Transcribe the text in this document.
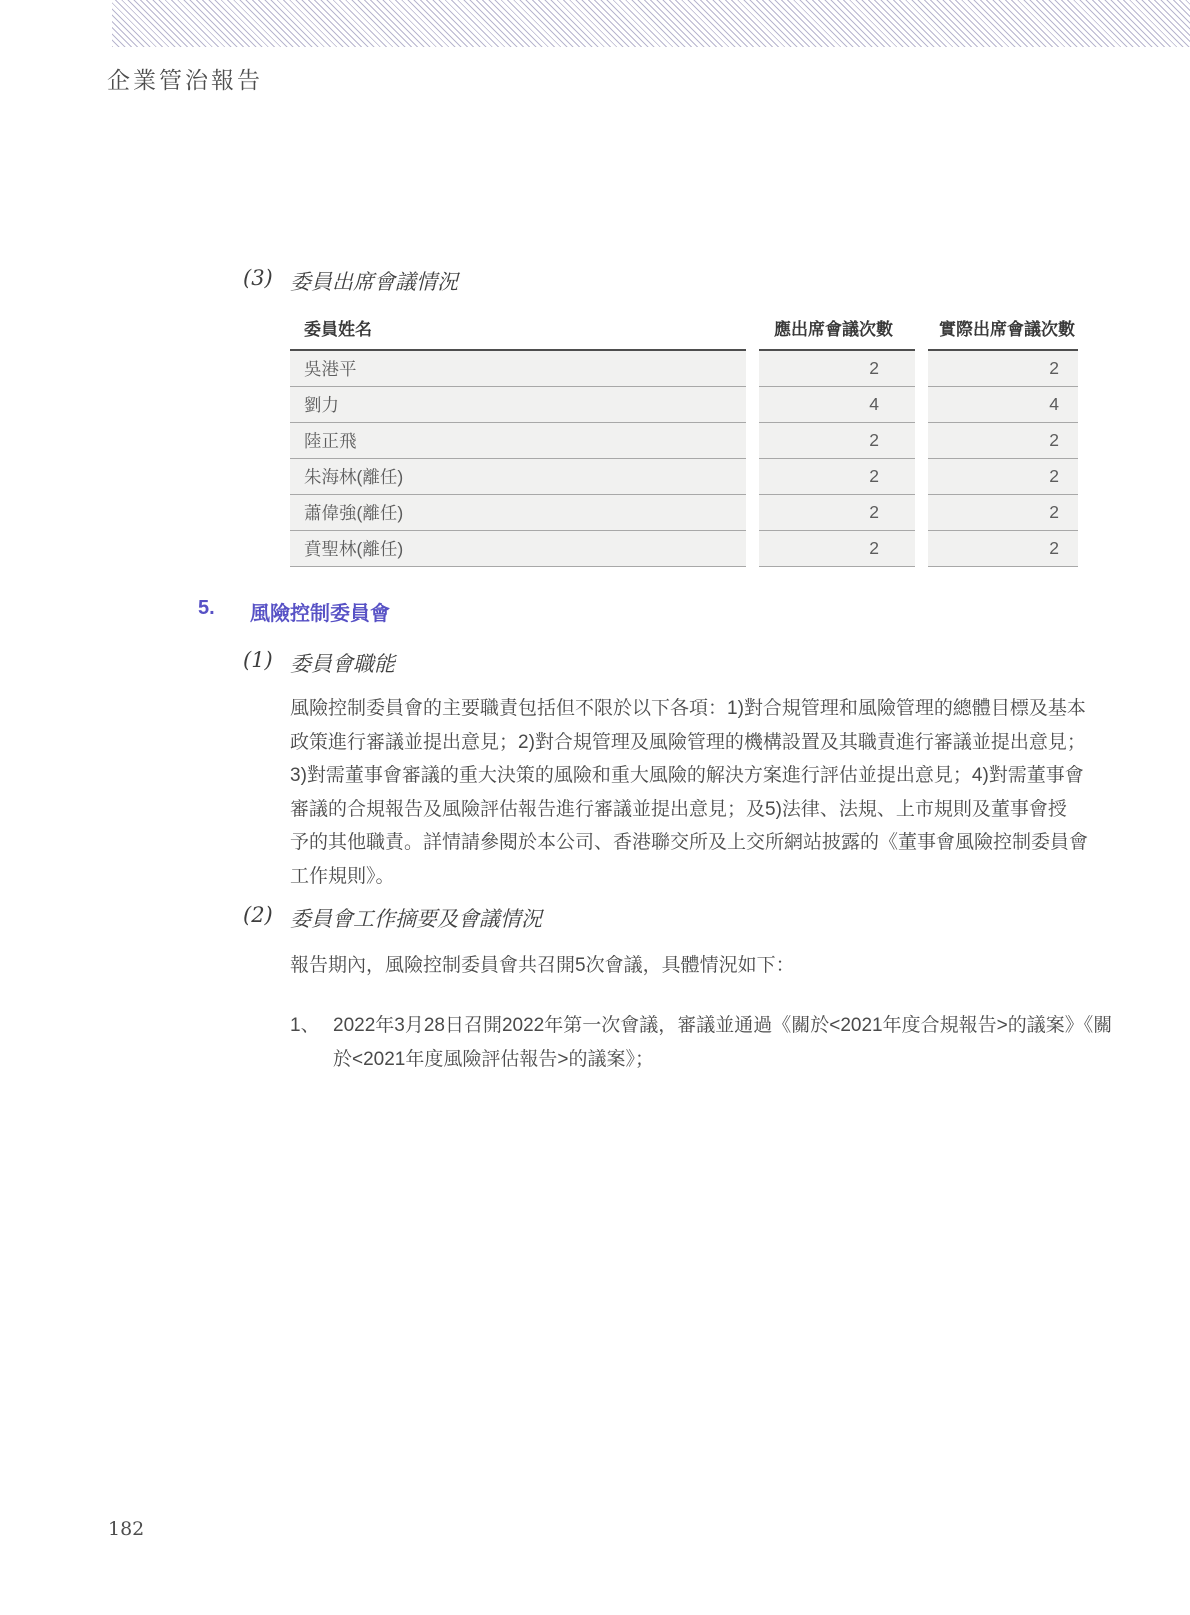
企業管治報告
(3) 委員出席會議情況
委員姓名	應出席會議次數	實際出席會議次數
吳港平	2	2
劉力	4	4
陸正飛	2	2
朱海林(離任)	2	2
蕭偉強(離任)	2	2
賁聖林(離任)	2	2
5.	風險控制委員會
(1) 委員會職能
風險控制委員會的主要職責包括但不限於以下各項：1)對合規管理和風險管理的總體目標及基本
政策進行審議並提出意見；2)對合規管理及風險管理的機構設置及其職責進行審議並提出意見；
3)對需董事會審議的重大決策的風險和重大風險的解決方案進行評估並提出意見；4)對需董事會
審議的合規報告及風險評估報告進行審議並提出意見；及5)法律、法規、上市規則及董事會授
予的其他職責。詳情請參閱於本公司、香港聯交所及上交所網站披露的《董事會風險控制委員會
工作規則》。
(2) 委員會工作摘要及會議情況
報告期內，風險控制委員會共召開5次會議，具體情況如下：
1、 2022年3月28日召開2022年第一次會議，審議並通過《關於<2021年度合規報告>的議案》《關
於<2021年度風險評估報告>的議案》；
182
